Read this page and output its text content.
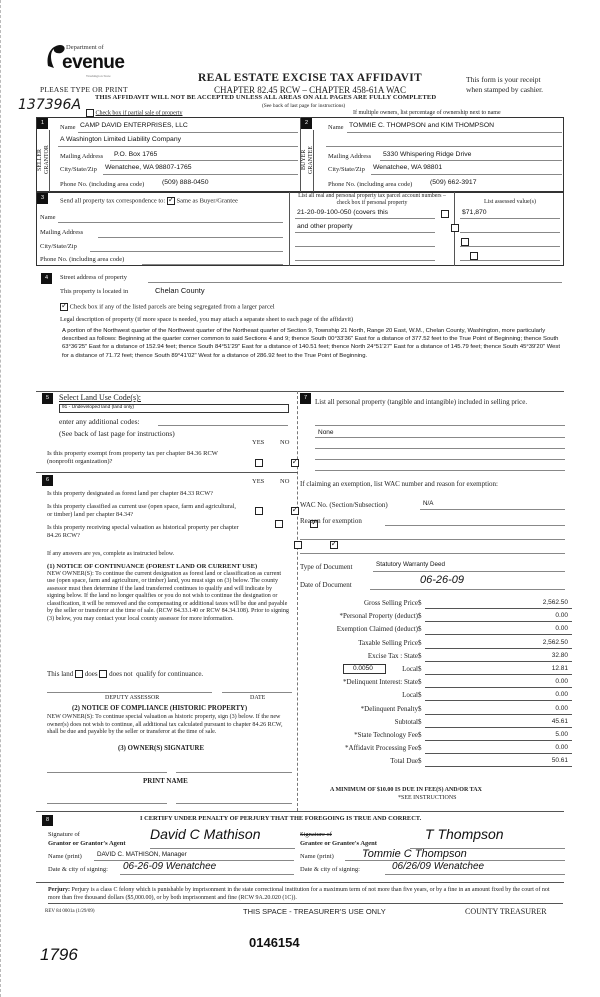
Department of
evenue
Washington State
PLEASE TYPE OR PRINT
REAL ESTATE EXCISE TAX AFFIDAVIT
CHAPTER 82.45 RCW – CHAPTER 458-61A WAC
This form is your receipt
when stamped by cashier.
THIS AFFIDAVIT WILL NOT BE ACCEPTED UNLESS ALL AREAS ON ALL PAGES ARE FULLY COMPLETED
(See back of last page for instructions)
137396A
Check box if partial sale of property	If multiple owners, list percentage of ownership next to name
1
SELLER
GRANTOR
Name CAMP DAVID ENTERPRISES, LLC
A Washington Limited Liability Company
Mailing Address P.O. Box 1765
City/State/Zip Wenatchee, WA 98807-1765
Phone No. (including area code)	(509) 888-0450
2
BUYER
GRANTEE
Name TOMMIE C. THOMPSON and KIM THOMPSON
Mailing Address 5330 Whispering Ridge Drive
City/State/Zip Wenatchee, WA 98801
Phone No. (including area code)	(509) 662-3917
3	Send all property tax correspondence to: ✓ Same as Buyer/Grantee
Name
Mailing Address
City/State/Zip
Phone No. (including area code)
List all real and personal property tax parcel account numbers – check box if personal property	List assessed value(s)
21-20-09-100-050 (covers this
	$71,870
and other property

4	Street address of property
This property is located in	Chelan County
✓ Check box if any of the listed parcels are being segregated from a larger parcel
Legal description of property (if more space is needed, you may attach a separate sheet to each page of the affidavit)
A portion of the Northwest quarter of the Northwest quarter of the Northeast quarter of Section 9, Township 21 North, Range 20 East, W.M., Chelan County, Washington, more particularly described as follows: Beginning at the quarter corner common to said Sections 4 and 9; thence South 00°33'36" East for a distance of 377.52 feet to the True Point of Beginning; thence South 63°36'25" East for a distance of 152.94 feet; thence South 84°51'29" East for a distance of 140.51 feet; thence North 24°51'27" East for a distance of 145.79 feet; thence South 45°39'20" West for a distance of 71.72 feet; thence South 89°41'02" West for a distance of 286.92 feet to the True Point of Beginning.
5	Select Land Use Code(s):
91 - Undeveloped land (land only)
enter any additional codes:
(See back of last page for instructions)
YES NO
Is this property exempt from property tax per chapter 84.36 RCW (nonprofit organization)?
✓
6	YES NO
Is this property designated as forest land per chapter 84.33 RCW?
✓
Is this property classified as current use (open space, farm and agricultural, or timber) land per chapter 84.34?
✓
Is this property receiving special valuation as historical property per chapter 84.26 RCW?
✓
If any answers are yes, complete as instructed below.
(1) NOTICE OF CONTINUANCE (FOREST LAND OR CURRENT USE)
NEW OWNER(S): To continue the current designation as forest land or classification as current use (open space, farm and agriculture, or timber) land, you must sign on (3) below. The county assessor must then determine if the land transferred continues to qualify and will indicate by signing below. If the land no longer qualifies or you do not wish to continue the designation or classification, it will be removed and the compensating or additional taxes will be due and payable by the seller or transferor at the time of sale. (RCW 84.33.140 or RCW 84.34.108). Prior to signing (3) below, you may contact your local county assessor for more information.
This land does does not qualify for continuance.
DEPUTY ASSESSOR	DATE
(2) NOTICE OF COMPLIANCE (HISTORIC PROPERTY)
NEW OWNER(S): To continue special valuation as historic property, sign (3) below. If the new owner(s) does not wish to continue, all additional tax calculated pursuant to chapter 84.26 RCW, shall be due and payable by the seller or transferor at the time of sale.
(3) OWNER(S) SIGNATURE
PRINT NAME
7	List all personal property (tangible and intangible) included in selling price.
None
If claiming an exemption, list WAC number and reason for exemption:
WAC No. (Section/Subsection)	N/A
Reason for exemption
Type of Document	Statutory Warranty Deed
Date of Document	06-26-09
Gross Selling Price $	2,562.50
*Personal Property (deduct) $	0.00
Exemption Claimed (deduct) $	0.00
Taxable Selling Price $	2,562.50
Excise Tax : State $	32.80
Local $	12.81
*Delinquent Interest: State $	0.00
Local $	0.00
*Delinquent Penalty $	0.00
Subtotal $	45.61
*State Technology Fee $	5.00
*Affidavit Processing Fee $	0.00
Total Due $	50.61
0.0050
A MINIMUM OF $10.00 IS DUE IN FEE(S) AND/OR TAX
*SEE INSTRUCTIONS
8	I CERTIFY UNDER PENALTY OF PERJURY THAT THE FOREGOING IS TRUE AND CORRECT.
Signature of
Grantor or Grantor's Agent
David C Mathison
Name (print) DAVID C. MATHISON, Manager
Date & city of signing: 06-26-09 Wenatchee
Signature of
Grantee or Grantee's Agent
T Thompson
Name (print)	Tommie C Thompson
Date & city of signing:	06/26/09 Wenatchee
Perjury: Perjury is a class C felony which is punishable by imprisonment in the state correctional institution for a maximum term of not more than five years, or by a fine in an amount fixed by the court of not more than five thousand dollars ($5,000.00), or by both imprisonment and fine (RCW 9A.20.020 (1C)).
REV 84 0001a (1/29/09)	THIS SPACE - TREASURER'S USE ONLY	COUNTY TREASURER
1796
0146154
